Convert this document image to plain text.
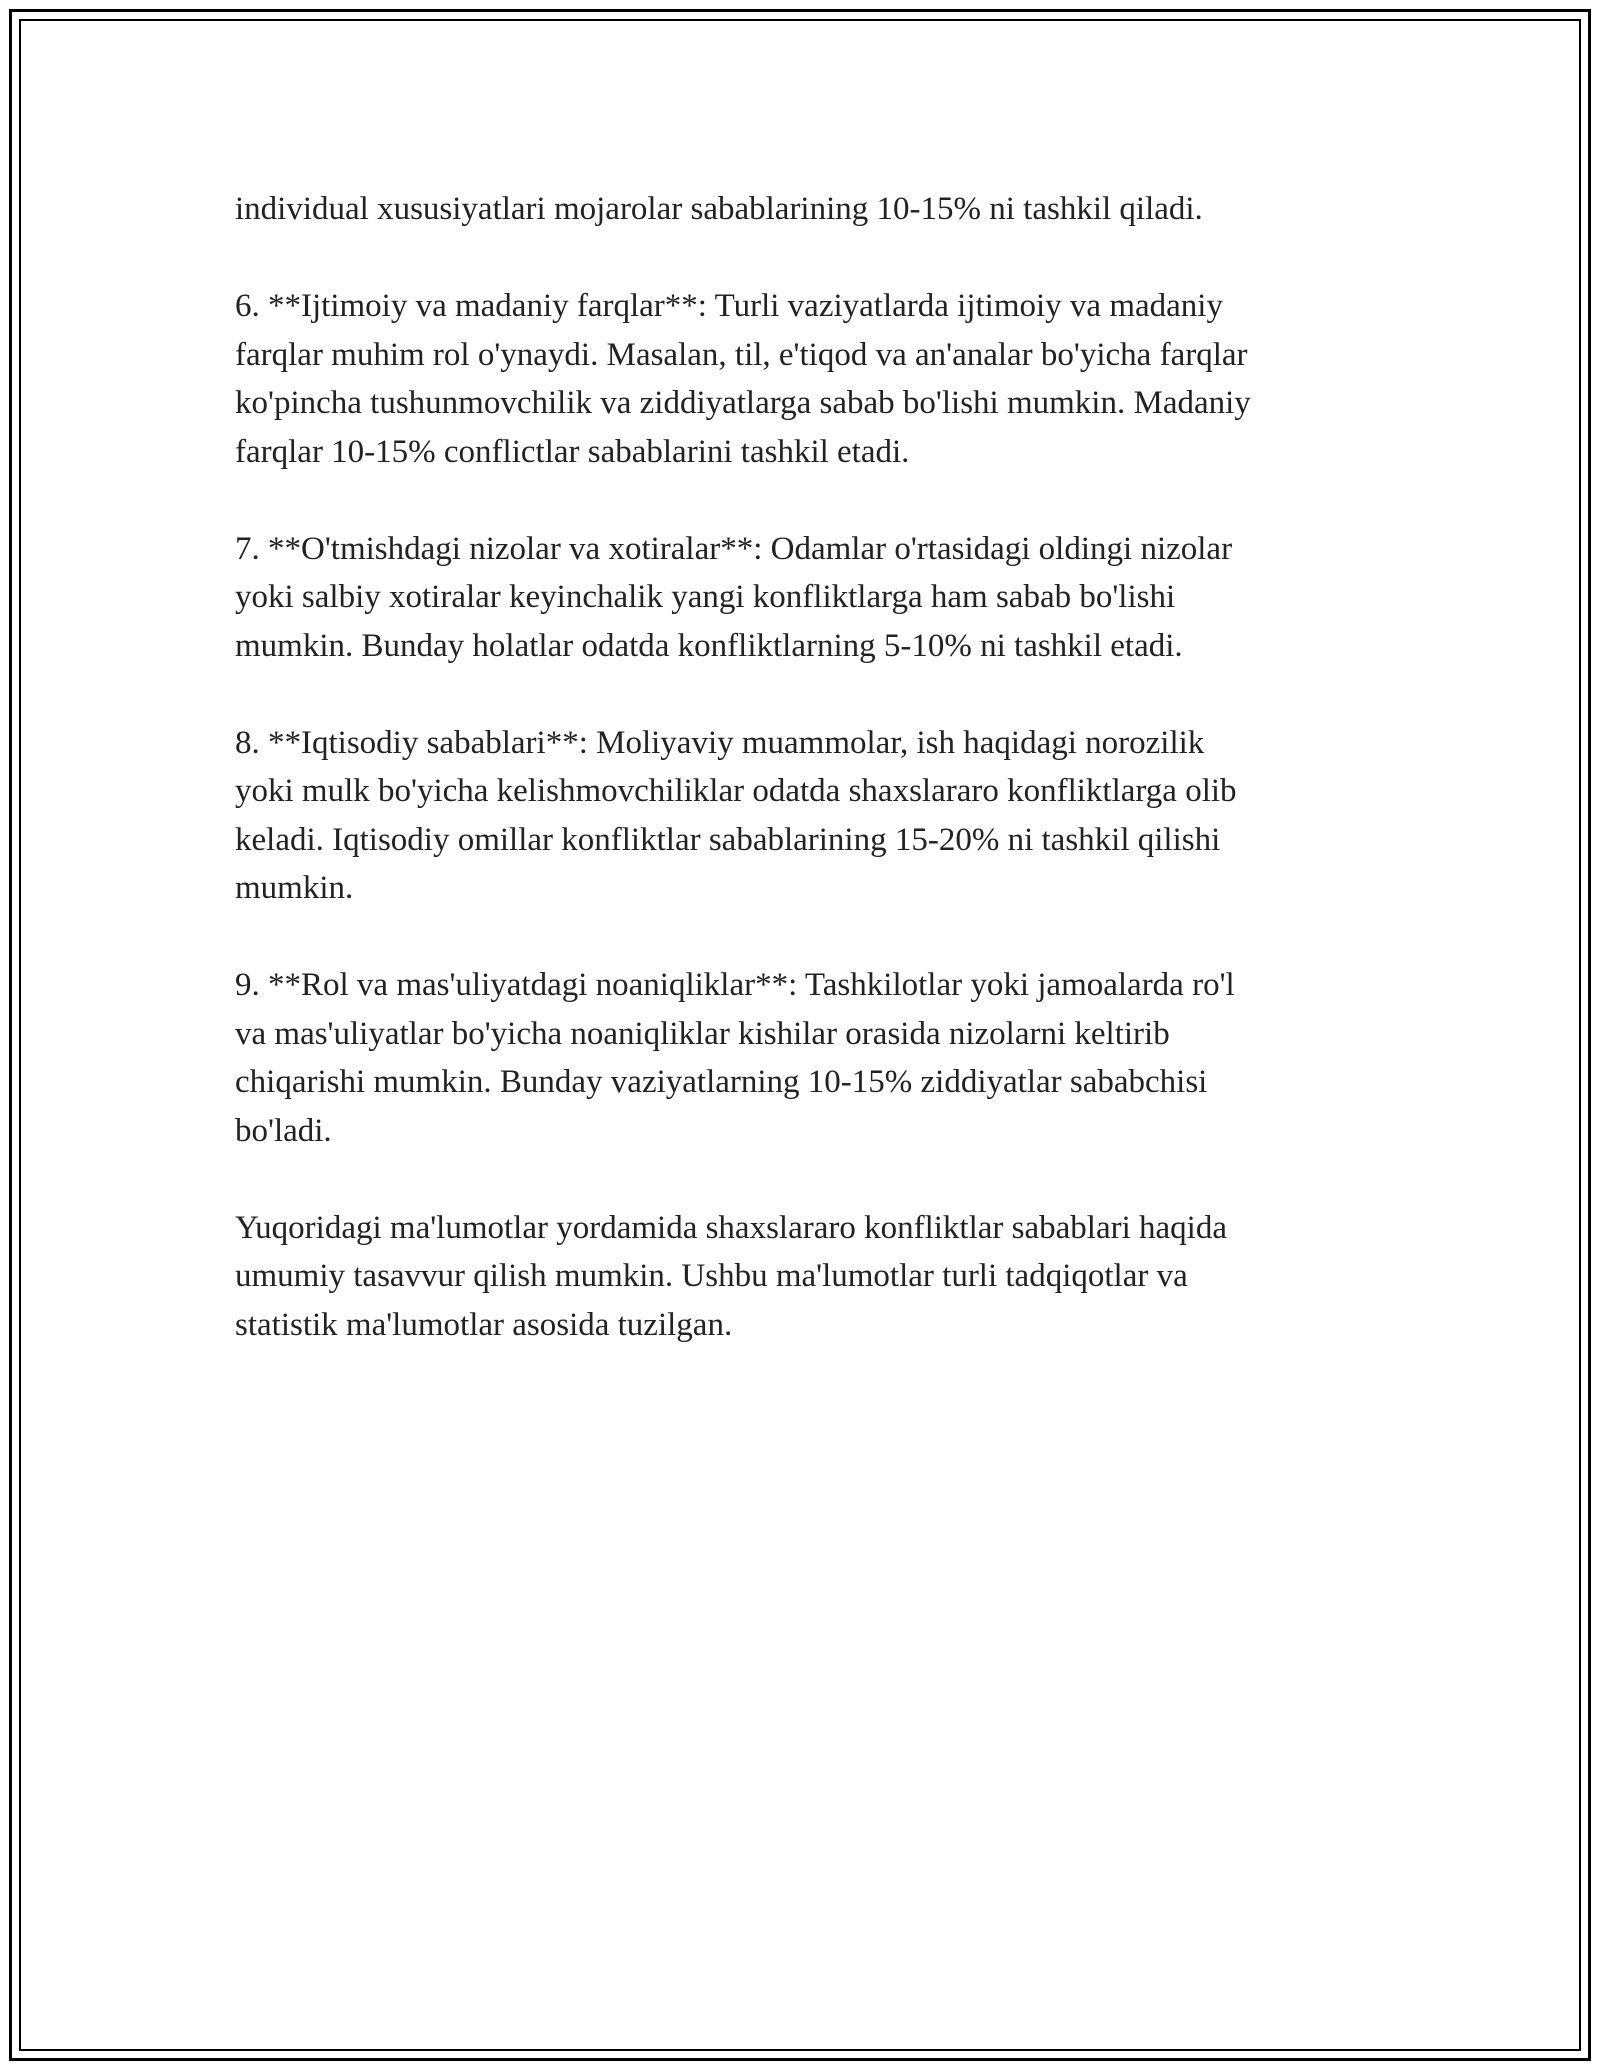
individual xususiyatlari mojarolar sabablarining 10-15% ni tashkil qiladi.

6. **Ijtimoiy va madaniy farqlar**: Turli vaziyatlarda ijtimoiy va madaniy
farqlar muhim rol o'ynaydi. Masalan, til, e'tiqod va an'analar bo'yicha farqlar
ko'pincha tushunmovchilik va ziddiyatlarga sabab bo'lishi mumkin. Madaniy
farqlar 10-15% conflictlar sabablarini tashkil etadi.

7. **O'tmishdagi nizolar va xotiralar**: Odamlar o'rtasidagi oldingi nizolar
yoki salbiy xotiralar keyinchalik yangi konfliktlarga ham sabab bo'lishi
mumkin. Bunday holatlar odatda konfliktlarning 5-10% ni tashkil etadi.

8. **Iqtisodiy sabablari**: Moliyaviy muammolar, ish haqidagi norozilik
yoki mulk bo'yicha kelishmovchiliklar odatda shaxslararo konfliktlarga olib
keladi. Iqtisodiy omillar konfliktlar sabablarining 15-20% ni tashkil qilishi
mumkin.

9. **Rol va mas'uliyatdagi noaniqliklar**: Tashkilotlar yoki jamoalarda ro'l
va mas'uliyatlar bo'yicha noaniqliklar kishilar orasida nizolarni keltirib
chiqarishi mumkin. Bunday vaziyatlarning 10-15% ziddiyatlar sababchisi
bo'ladi.

Yuqoridagi ma'lumotlar yordamida shaxslararo konfliktlar sabablari haqida
umumiy tasavvur qilish mumkin. Ushbu ma'lumotlar turli tadqiqotlar va
statistik ma'lumotlar asosida tuzilgan.
